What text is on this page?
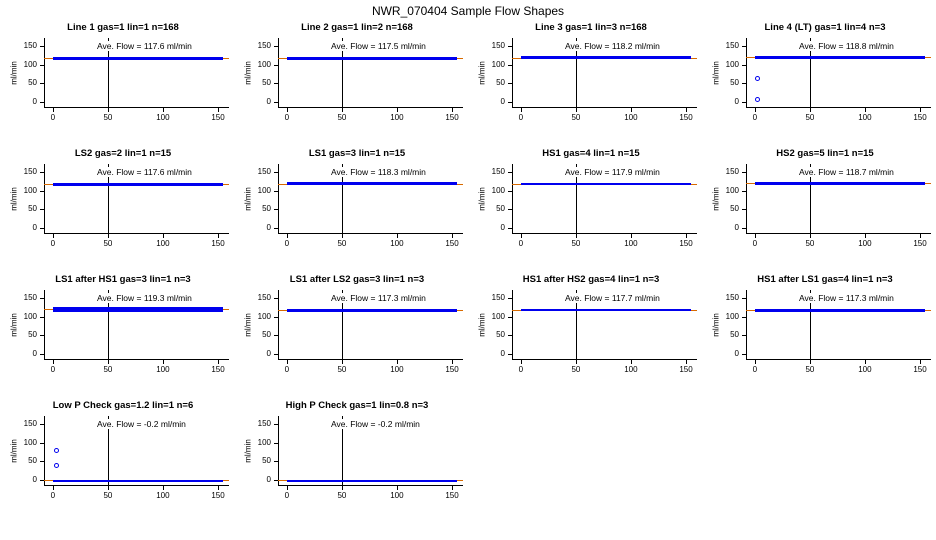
NWR_070404 Sample Flow Shapes
Line 1 gas=1 lin=1 n=168
ml/min
0
50
100
150
0	50	100	150
Ave. Flow = 117.6 ml/min
Line 2 gas=1 lin=2 n=168
ml/min
0
50
100
150
0	50	100	150
Ave. Flow = 117.5 ml/min
Line 3 gas=1 lin=3 n=168
ml/min
0
50
100
150
0	50	100	150
Ave. Flow = 118.2 ml/min
Line 4 (LT) gas=1 lin=4 n=3
ml/min
0
50
100
150
0	50	100	150
Ave. Flow = 118.8 ml/min
LS2 gas=2 lin=1 n=15
ml/min
0
50
100
150
0	50	100	150
Ave. Flow = 117.6 ml/min
LS1 gas=3 lin=1 n=15
ml/min
0
50
100
150
0	50	100	150
Ave. Flow = 118.3 ml/min
HS1 gas=4 lin=1 n=15
ml/min
0
50
100
150
0	50	100	150
Ave. Flow = 117.9 ml/min
HS2 gas=5 lin=1 n=15
ml/min
0
50
100
150
0	50	100	150
Ave. Flow = 118.7 ml/min
LS1 after HS1 gas=3 lin=1 n=3
ml/min
0
50
100
150
0	50	100	150
Ave. Flow = 119.3 ml/min
LS1 after LS2 gas=3 lin=1 n=3
ml/min
0
50
100
150
0	50	100	150
Ave. Flow = 117.3 ml/min
HS1 after HS2 gas=4 lin=1 n=3
ml/min
0
50
100
150
0	50	100	150
Ave. Flow = 117.7 ml/min
HS1 after LS1 gas=4 lin=1 n=3
ml/min
0
50
100
150
0	50	100	150
Ave. Flow = 117.3 ml/min
Low P Check gas=1.2 lin=1 n=6
ml/min
0
50
100
150
0	50	100	150
Ave. Flow = -0.2 ml/min
High P Check gas=1 lin=0.8 n=3
ml/min
0
50
100
150
0	50	100	150
Ave. Flow = -0.2 ml/min
